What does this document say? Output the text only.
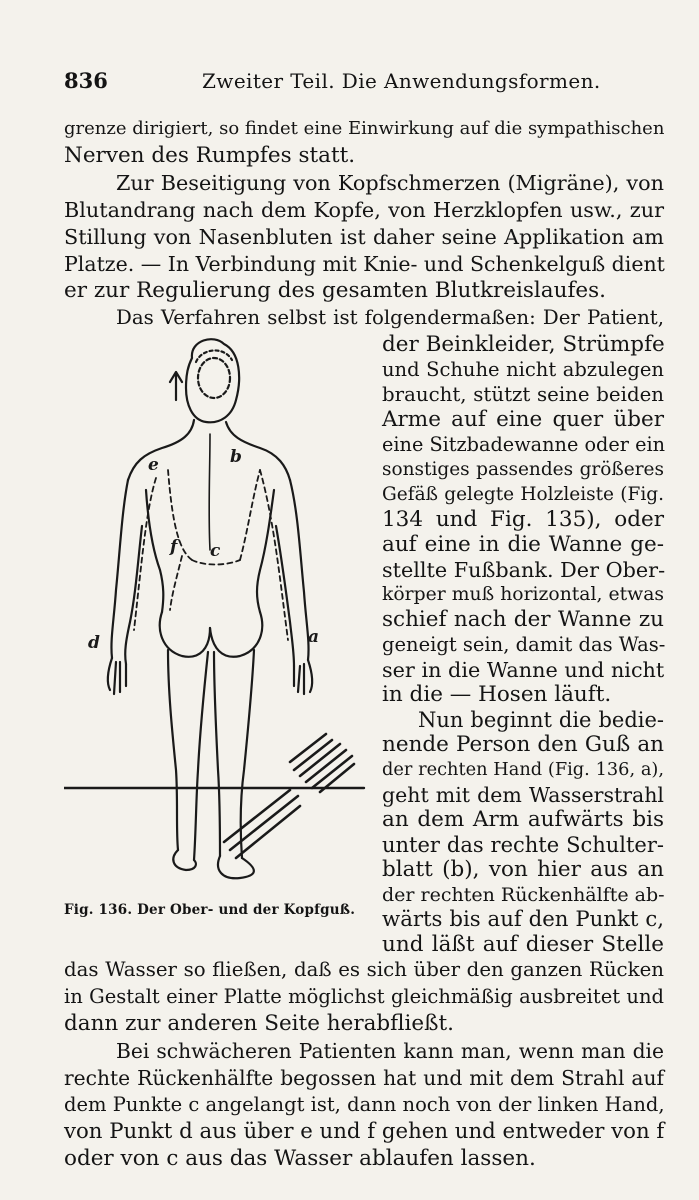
836	Zweiter Teil. Die Anwendungsformen.
grenze dirigiert, so findet eine Einwirkung auf die sympathischen
Nerven des Rumpfes statt.
Zur Beseitigung von Kopfschmerzen (Migräne), von
Blutandrang nach dem Kopfe, von Herzklopfen usw., zur
Stillung von Nasenbluten ist daher seine Applikation am
Platze. — In Verbindung mit Knie- und Schenkelguß dient
er zur Regulierung des gesamten Blutkreislaufes.
Das Verfahren selbst ist folgendermaßen: Der Patient,
der Beinkleider, Strümpfe
und Schuhe nicht abzulegen
braucht, stützt seine beiden
Arme auf eine quer über
eine Sitzbadewanne oder ein
sonstiges passendes größeres
Gefäß gelegte Holzleiste (Fig.
134 und Fig. 135), oder
auf eine in die Wanne ge-
stellte Fußbank. Der Ober-
körper muß horizontal, etwas
schief nach der Wanne zu
geneigt sein, damit das Was-
ser in die Wanne und nicht
in die — Hosen läuft.
Nun beginnt die bedie-
nende Person den Guß an
der rechten Hand (Fig. 136, a),
geht mit dem Wasserstrahl
an dem Arm aufwärts bis
unter das rechte Schulter-
blatt (b), von hier aus an
der rechten Rückenhälfte ab-
wärts bis auf den Punkt c,
und läßt auf dieser Stelle
das Wasser so fließen, daß es sich über den ganzen Rücken
in Gestalt einer Platte möglichst gleichmäßig ausbreitet und
dann zur anderen Seite herabfließt.
Bei schwächeren Patienten kann man, wenn man die
rechte Rückenhälfte begossen hat und mit dem Strahl auf
dem Punkte c angelangt ist, dann noch von der linken Hand,
von Punkt d aus über e und f gehen und entweder von f
oder von c aus das Wasser ablaufen lassen.
e	b
f c
d	a
Fig. 136. Der Ober- und der Kopfguß.
